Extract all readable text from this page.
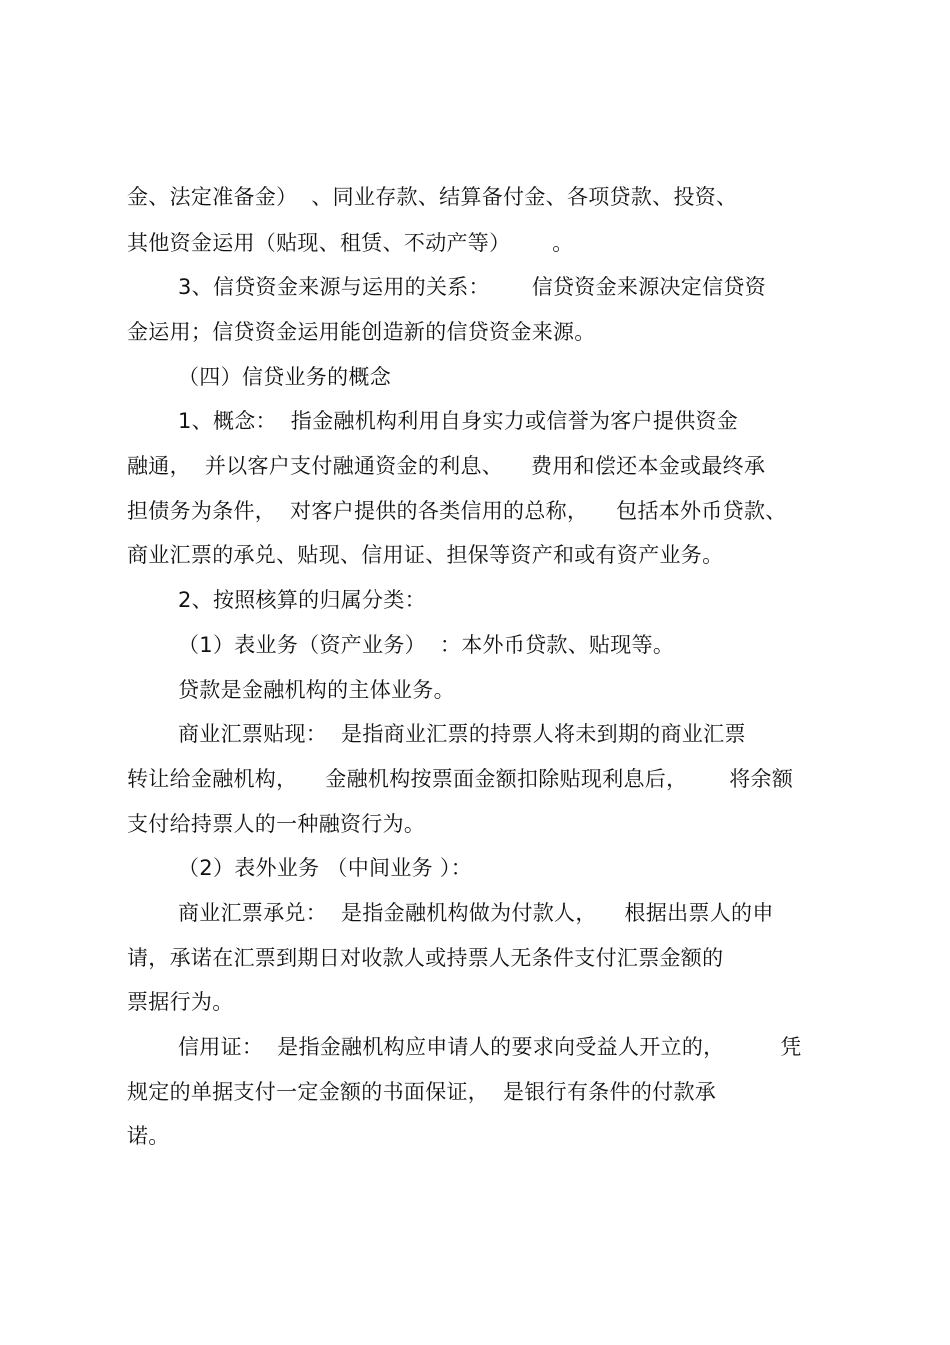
金、法定准备金）  、同业存款、结算备付金、各项贷款、投资、
其他资金运用（贴现、租赁、不动产等）      。
3、信贷资金来源与运用的关系：      信贷资金来源决定信贷资
金运用；信贷资金运用能创造新的信贷资金来源。
（四）信贷业务的概念
1、概念：  指金融机构利用自身实力或信誉为客户提供资金
融通，  并以客户支付融通资金的利息、    费用和偿还本金或最终承
担债务为条件，  对客户提供的各类信用的总称，    包括本外币贷款、
商业汇票的承兑、贴现、信用证、担保等资产和或有资产业务。
2、按照核算的归属分类：
（1）表业务（资产业务）  ：本外币贷款、贴现等。
贷款是金融机构的主体业务。
商业汇票贴现：  是指商业汇票的持票人将未到期的商业汇票
转让给金融机构，    金融机构按票面金额扣除贴现利息后，      将余额
支付给持票人的一种融资行为。
（2）表外业务 （中间业务 ）：
商业汇票承兑：  是指金融机构做为付款人，    根据出票人的申
请，承诺在汇票到期日对收款人或持票人无条件支付汇票金额的
票据行为。
信用证：  是指金融机构应申请人的要求向受益人开立的，        凭
规定的单据支付一定金额的书面保证，  是银行有条件的付款承
诺。
